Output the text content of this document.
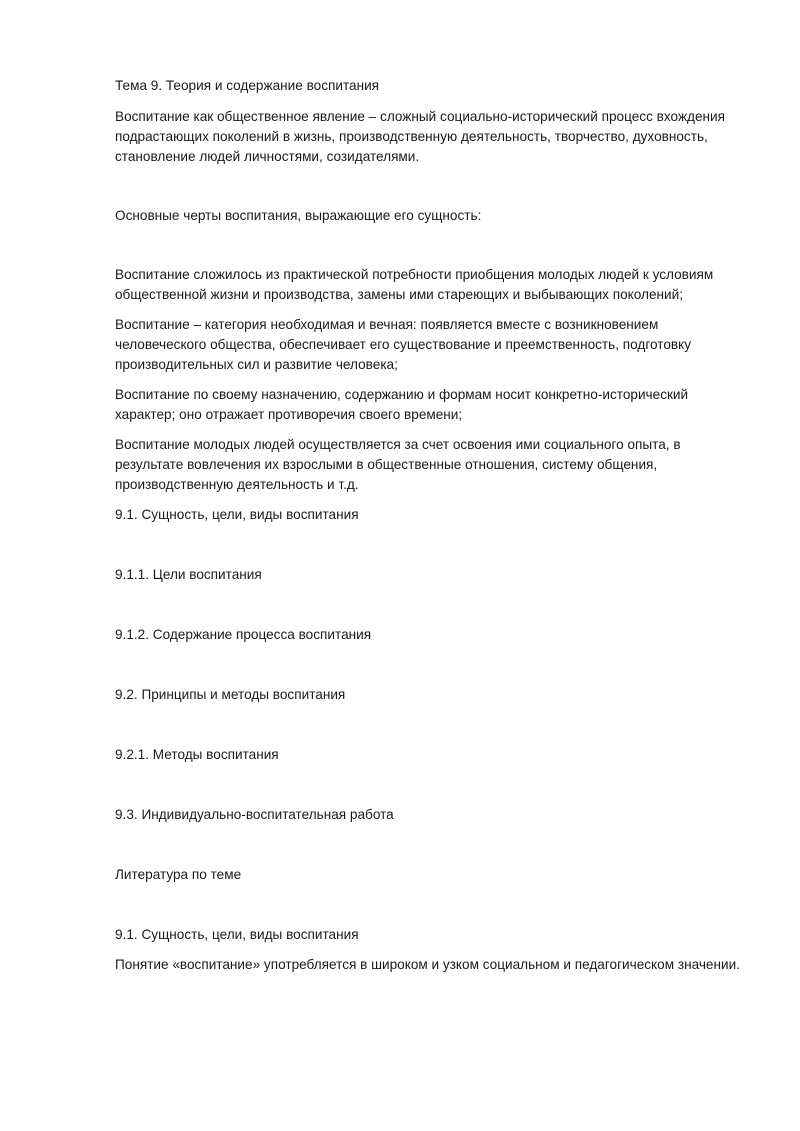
Тема 9. Теория и содержание воспитания

Воспитание как общественное явление – сложный социально-исторический процесс вхождения
подрастающих поколений в жизнь, производственную деятельность, творчество, духовность,
становление людей личностями, созидателями.

Основные черты воспитания, выражающие его сущность:

Воспитание сложилось из практической потребности приобщения молодых людей к условиям
общественной жизни и производства, замены ими стареющих и выбывающих поколений;

Воспитание – категория необходимая и вечная: появляется вместе с возникновением
человеческого общества, обеспечивает его существование и преемственность, подготовку
производительных сил и развитие человека;

Воспитание по своему назначению, содержанию и формам носит конкретно-исторический
характер; оно отражает противоречия своего времени;

Воспитание молодых людей осуществляется за счет освоения ими социального опыта, в
результате вовлечения их взрослыми в общественные отношения, систему общения,
производственную деятельность и т.д.

9.1. Сущность, цели, виды воспитания

9.1.1. Цели воспитания

9.1.2. Содержание процесса воспитания

9.2. Принципы и методы воспитания

9.2.1. Методы воспитания

9.3. Индивидуально-воспитательная работа

Литература по теме

9.1. Сущность, цели, виды воспитания

Понятие «воспитание» употребляется в широком и узком социальном и педагогическом значении.
